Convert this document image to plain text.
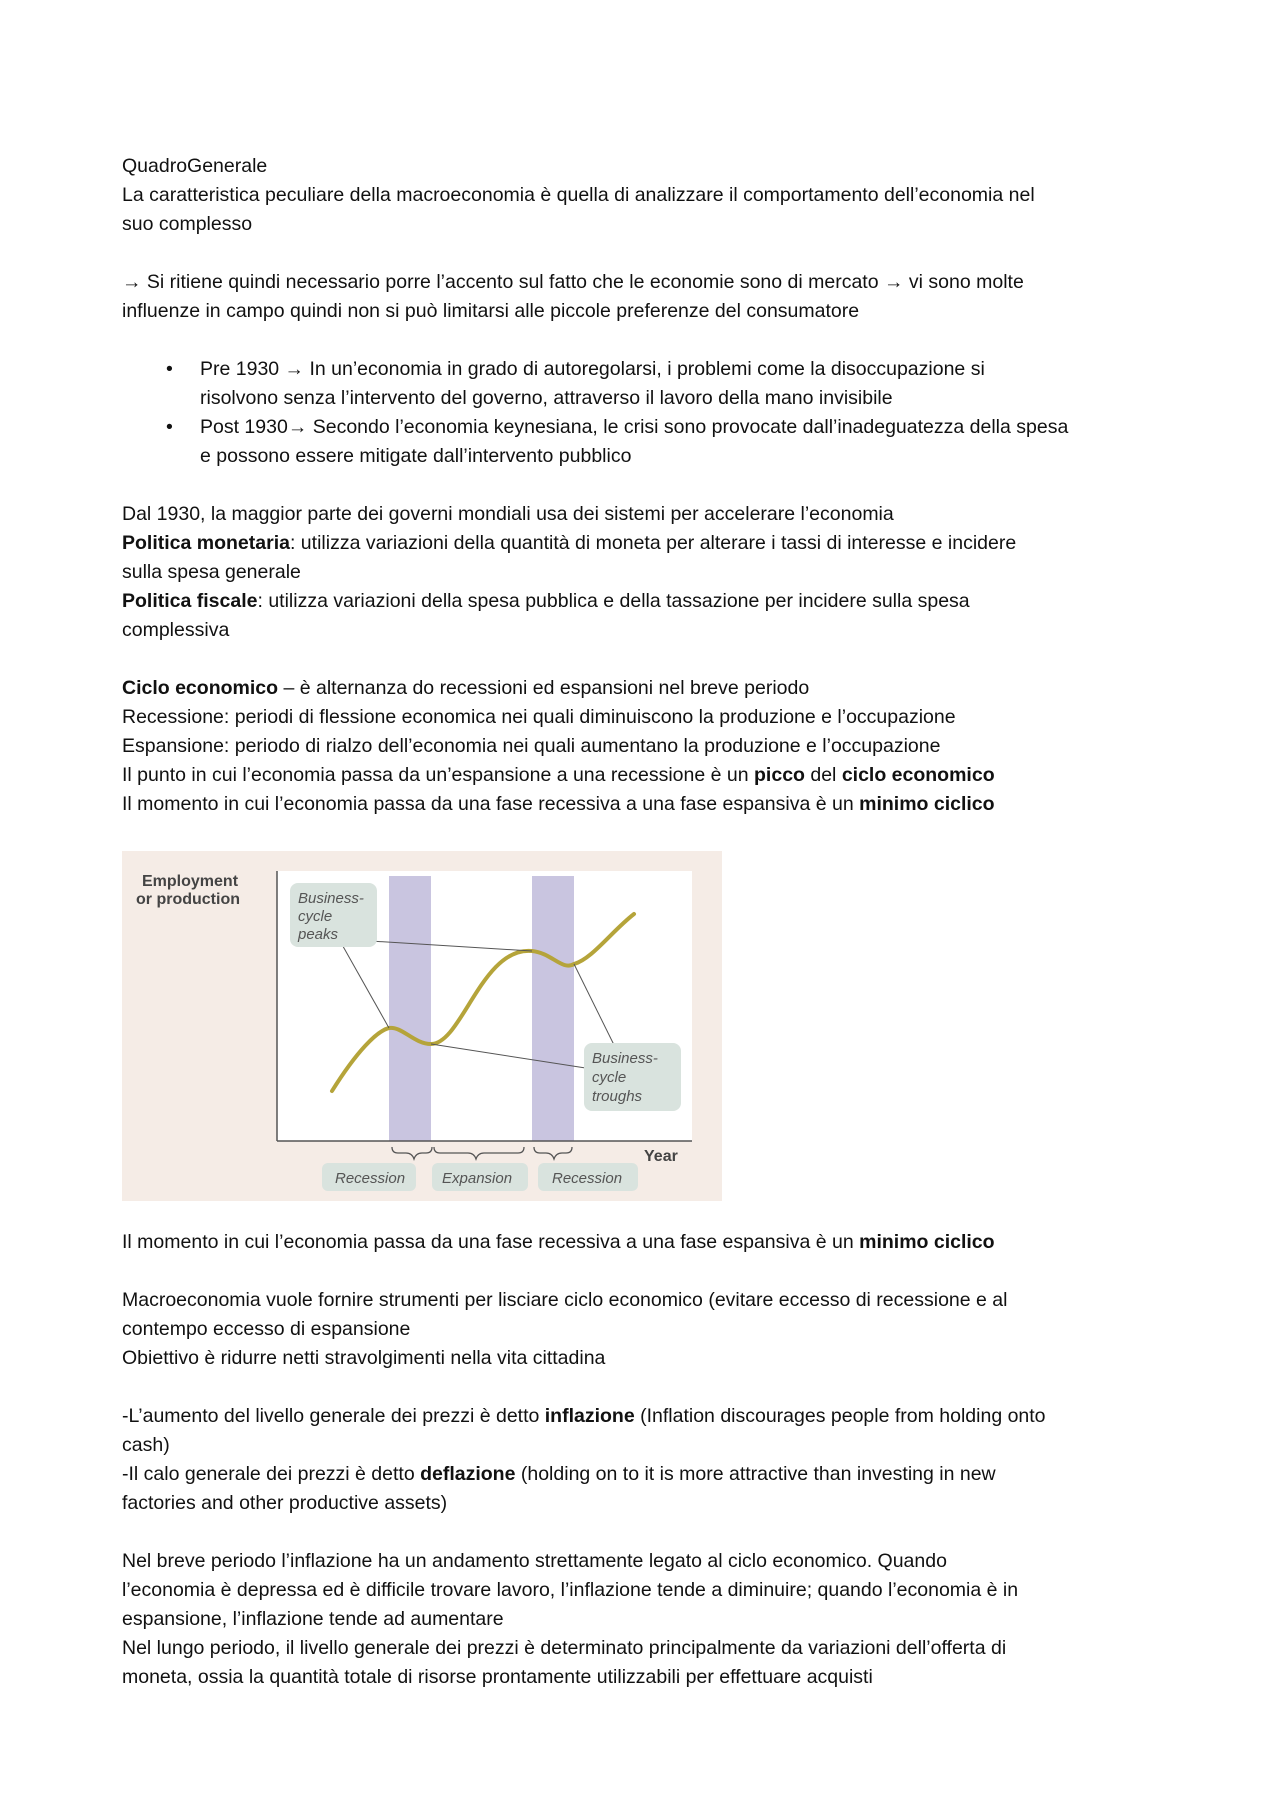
QuadroGenerale

La caratteristica peculiare della macroeconomia è quella di analizzare il comportamento dell’economia nel

suo complesso

→ Si ritiene quindi necessario porre l’accento sul fatto che le economie sono di mercato → vi sono molte

influenze in campo quindi non si può limitarsi alle piccole preferenze del consumatore

• Pre 1930 → In un’economia in grado di autoregolarsi, i problemi come la disoccupazione si
risolvono senza l’intervento del governo, attraverso il lavoro della mano invisibile
• Post 1930→ Secondo l’economia keynesiana, le crisi sono provocate dall’inadeguatezza della spesa
e possono essere mitigate dall’intervento pubblico

Dal 1930, la maggior parte dei governi mondiali usa dei sistemi per accelerare l’economia

Politica monetaria: utilizza variazioni della quantità di moneta per alterare i tassi di interesse e incidere

sulla spesa generale

Politica fiscale: utilizza variazioni della spesa pubblica e della tassazione per incidere sulla spesa

complessiva

Ciclo economico – è alternanza do recessioni ed espansioni nel breve periodo

Recessione: periodi di flessione economica nei quali diminuiscono la produzione e l’occupazione

Espansione: periodo di rialzo dell’economia nei quali aumentano la produzione e l’occupazione

Il punto in cui l’economia passa da un’espansione a una recessione è un picco del ciclo economico

Il momento in cui l’economia passa da una fase recessiva a una fase espansiva è un minimo ciclico

Employment
or production	Business-
cycle
peaks
Business-
cycle
troughs
Year
Recession Expansion	Recession

Il momento in cui l’economia passa da una fase recessiva a una fase espansiva è un minimo ciclico

Macroeconomia vuole fornire strumenti per lisciare ciclo economico (evitare eccesso di recessione e al

contempo eccesso di espansione

Obiettivo è ridurre netti stravolgimenti nella vita cittadina

-L’aumento del livello generale dei prezzi è detto inflazione (Inflation discourages people from holding onto

cash)

-Il calo generale dei prezzi è detto deflazione (holding on to it is more attractive than investing in new

factories and other productive assets)

Nel breve periodo l’inflazione ha un andamento strettamente legato al ciclo economico. Quando

l’economia è depressa ed è difficile trovare lavoro, l’inflazione tende a diminuire; quando l’economia è in

espansione, l’inflazione tende ad aumentare

Nel lungo periodo, il livello generale dei prezzi è determinato principalmente da variazioni dell’offerta di

moneta, ossia la quantità totale di risorse prontamente utilizzabili per effettuare acquisti
